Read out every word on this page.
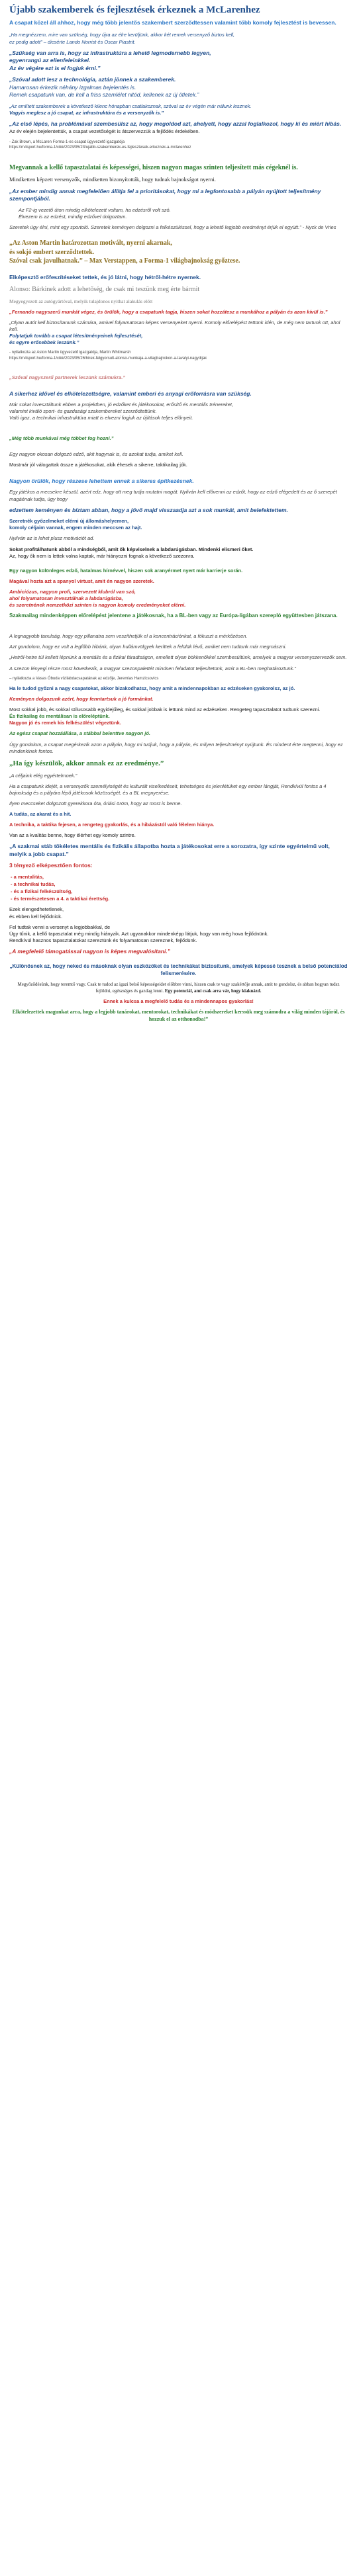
Újabb szakemberek és fejlesztések érkeznek a McLarenhez

A csapat közel áll ahhoz, hogy még több jelentős szakembert szerződtessen valamint több komoly fejlesztést is bevessen.

„Ha megnézzem, mire van szükség, hogy újra az élre kerüljünk, akkor két remek versenyző biztos kell,
ez pedig adott” – dicsérte Lando Norrist és Oscar Piastrit.

„Szükség van arra is, hogy az infrastruktúra a lehető legmodernebb legyen,
egyenrangú az ellenfeleinkkel.
Az év végére ezt is el fogjuk érni.”

„Szóval adott lesz a technológia, aztán jönnek a szakemberek.
Hamarosan érkezik néhány izgalmas bejelentés is.
Remek csapatunk van, de kell a friss szemlélet nitód, kellenek az új ötletek.”

„Az említett szakemberek a következő kilenc hónapban csatlakoznak, szóval az év végén már nálunk lesznek.
Vagyis meglesz a jó csapat, az infrastruktúra és a versenyzők is.”

„Az első lépés, ha problémával szembesülsz az, hogy megoldod azt, ahelyett, hogy azzal foglalkozol, hogy ki és miért hibás.
Az év elején bejelentettük, a csapat vezetőségét is átszervezzük a fejlődés érdekében.

- Zak Brown, a McLaren Forma-1-es csapat ügyvezető igazgatója
https://m4sport.hu/forma-1/cikk/2023/05/23/ujabb-szakemberek-es-fejlesztesek-erkeznek-a-mclarenhez

Megvannak a kellő tapasztalatai és képességei, hiszen nagyon magas szinten teljesített más cégeknél is.

Mindketten képzett versenyzők, mindketten bizonyították, hogy tudnak bajnokságot nyerni.

„Az ember mindig annak megfelelően állítja fel a prioritásokat, hogy mi a legfontosabb a pályán nyújtott teljesítmény szempontjából.

Az F2-ig vezető úton mindig elkötelezett voltam, ha edzésről volt szó.
Élvezem is az edzést, mindig edzővel dolgoztam.

Szeretek úgy élni, mint egy sportoló. Szeretek keményen dolgozni a felkészüléssel, hogy a lehető legjobb eredményt érjük el együtt.” - Nyck de Vries

„Az Aston Martin határozottan motivált, nyerni akarnak,
és sokjó embert szerződtettek.
Szóval csak javulhatnak.” – Max Verstappen, a Forma-1 világbajnokság győztese.

Elképesztő erőfeszítéseket tettek, és jó látni, hogy hétről-hétre nyernek.

Alonso: Bárkinek adott a lehetőség, de csak mi teszünk meg érte bármit

Megyegyezett az autógyártóval, melyik tulajdonos nyithat alakulás előtt

„Fernando nagyszerű munkát végez, és örülök, hogy a csapatunk tagja, hiszen sokat hozzátesz a munkához a pályán és azon kívül is.”

„Olyan autót kell biztosítanunk számára, amivel folyamatosan képes versenyeket nyerni. Komoly előrelépést tettünk idén, de még nem tartunk ott, ahol kell.
Folytatjuk tovább a csapat létesítményeinek fejlesztését,
és egyre erősebbek leszünk.”

- nyilatkozta az Aston Martin ügyvezető igazgatója, Martin Whitmarsh
https://m4sport.hu/forma-1/cikk/2023/05/26/hirek-felgyorsult-alonso-munkaja-a-vilagbajnokon-a-tavalyi-nagydijak

„Szóval nagyszerű partnerek leszünk számukra.”

A sikerhez idővel és elkötelezettségre, valamint emberi és anyagi erőforrásra van szükség.

Már sokat invesztáltunk ebben a projektben, jó edzőket és játékosokat, erősítő és mentális trénereket,
valamint kiváló sport- és gazdasági szakembereket szerződtettünk.
Való igaz, a technikai infrastruktúra miatt is elvezni fogjuk az újítások teljes előnyeit.

„Még több munkával még többet fog hozni.”

Egy nagyon okosan dolgozó edző, akit hagynak is, és azokat tudja, amiket kell.

Mostmár jól válogattak össze a játékosokat, akik éhesek a sikerre, taktikailag jók.

Nagyon örülök, hogy részese lehettem ennek a sikeres építkezésnek.

Egy játékos a mecsekre készül, azért edz, hogy ott meg tudja mutatni magát. Nyilván kell elővenni az edzőt, hogy az edző elégedett és az ő szerepét magáénak tudja, úgy hogy

edzettem keményen és bíztam abban, hogy a jövő majd visszaadja azt a sok munkát, amit belefektettem.

Szeretnék győzelmeket elérni új állomáshelyemen,
komoly céljaim vannak, engem minden meccsen az hajt.

Nyilván az is lehet plusz motivációt ad.

Sokat profitálhatunk abból a mindségből, amit ők képviselnek a labdarúgásban. Mindenki elismeri őket.
Az, hogy ők nem is lettek volna kaptak, már hiányozni fognak a következő szezonra.

Egy nagyon különleges edző, hatalmas hírnévvel, hiszen sok aranyérmet nyert már karrierje során.

Magával hozta azt a spanyol virtust, amit én nagyon szeretek.

Ambiciózus, nagyon profi, szervezett klubról van szó,
ahol folyamatosan invesztálnak a labdarúgásba,
és szeretnének nemzetközi szinten is nagyon komoly eredményeket elérni.

Szakmailag mindenképpen előrelépést jelentene a játékosnak, ha a BL-ben vagy az Európa-ligában szerepló együttesben játszana.

A legnagyobb tanulság, hogy egy pillanatra sem veszíthetjük el a koncentrációnkat, a fókuszt a mérkőzésen.

Azt gondolom, hogy ez volt a legfőbb hibánk, olyan hullámvölgyek keríttek a felülük lévő, amiket nem tudtunk már megmászni.

„Hetről-hetre túl kellett lépnünk a mentális és a fizikai fáradtságon, emellett olyan bökkenőkkel szembesültünk, amelyek a magyar versenyszervezők sem.

A szezon lényegi része most következik, a magyar szezonpalettét mindsen feladatot teljesítetünk, amit a BL-ben meghatároztunk.”

– nyilatkozta a Vasas Óbuda vízilabdacsapatának az edzője, Jeremias Hamzicsovics

Ha le tudod győzni a nagy csapatokat, akkor bizakodhatsz, hogy amit a mindennapokban az edzéseken gyakorolsz, az jó.

Keményen dolgozunk azért, hogy fenntartsuk a jó formánkat.

Most sokkal jobb, és sokkal stílusosabb egyidejűleg, és sokkal jobbak is lettünk mind az edzéseken. Rengeteg tapasztalatot tudtunk szerezni.
És fizikailag és mentálisan is előreléptünk.
Nagyon jó és remek kis felkészülést végeztünk.

Az egész csapat hozzáállása, a stábbal belenttve nagyon jó.

Úgy gondolom, a csapat megérkezik azon a pályán, hogy mi tudjuk, hogy a pályán, és milyen teljesítményt nyújtunk. És mindent érte megtenni, hogy ez mindenkinek fontos.

„Ha így készülök, akkor annak ez az eredménye.”

„A céljaink elég egyértelmoek.”

Ha a csapatunk idejét, a versenyzők személyiségét és kulturált viselkedéseit, tehetséges és jelenlétüket egy ember lángját, Rendkívül fontos a 4 bajnokság és a pályára lépő játékosok közösségét, és a BL megnyerése.

Ilyen meccseket dolgozott gyerekkora óta, óriási öröm, hogy az most is benne.

A tudás, az akarat és a hit.

A technika, a taktika fejesen, a rengeteg gyakorlás, és a hibázástól való félelem hiánya.

Van az a kvalitás benne, hogy élérhet egy komoly szintre.

„A szakmai stáb tökéletes mentális és fizikális állapotba hozta a játékosokat erre a sorozatra, így szinte egyértelmű volt, melyik a jobb csapat.”

3 tényező elképesztően fontos:

- a mentalitás,
- a technikai tudás,
- és a fizikai felkészültség,
- és természetesen a 4. a taktikai érettség.

Ezek elengedhetetlenek,
és ebben kell fejlődniük.

Fel tudtak venni a versenyt a legjobbakkal, de
Úgy tűnik, a kellő tapasztalat még mindig hiányzik. Azt ugyanakkor mindenképp látjuk, hogy van még hova fejlődnünk.
Rendkívül hasznos tapasztalatokat szereztünk és folyamatosan szereznek, fejlődünk.

„A megfelelő támogatással nagyon is képes megvalósítani.”

„Különösnek az, hogy neked és másoknak olyan eszközöket és technikákat biztosítunk, amelyek képessé tesznek a belső potenciálod felismerésére.

Megyőződésünk, hogy teremtő vagy. Csak te tudod az igazi belső képességeidet előbbre vinni, hiszen csak te vagy szakértője annak, amit te gondolsz, és abban hogyan tudsz fejlődni, egészséges és gazdag lenni. Egy potenciál, ami csak arra vár, hogy kiaknázd.

Ennek a kulcsa a megfelelő tudás és a mindennapos gyakorlás!

Elkötelezettek magunkat arra, hogy a legjobb tanárokat, mentorokat, technikákat és módszereket kerssük meg számodra a világ minden tájáról, és hozzuk el az otthonodba!”
